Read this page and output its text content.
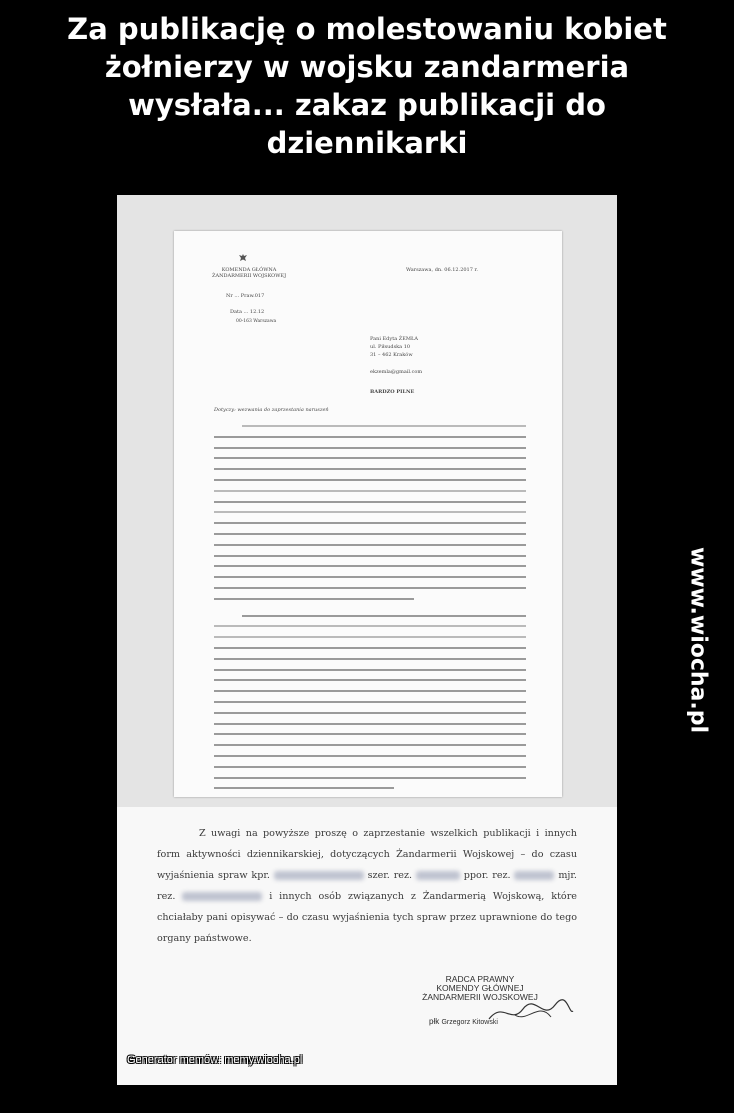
Za publikację o molestowaniu kobiet
żołnierzy w wojsku zandarmeria
wysłała... zakaz publikacji do
dziennikarki
KOMENDA GŁÓWNA
ŻANDARMERII WOJSKOWEJ
Nr ... Praw.017
Data ... 12.12
00-163 Warszawa
Warszawa, dn. 06.12.2017 r.
Pani Edyta ŻEMŁA
ul. Piłsudska 10
31 – 462 Kraków
ekzemla@gmail.com
BARDZO PILNE
Dotyczy: wezwania do zaprzestania naruszeń
Z uwagi na powyższe proszę o zaprzestanie wszelkich publikacji i innych form aktywności dziennikarskiej, dotyczących Żandarmerii Wojskowej – do czasu wyjaśnienia spraw kpr.	szer. rez.	ppor. rez.	mjr. rez.	i innych osób związanych z Żandarmerią Wojskową, które chciałaby pani opisywać – do czasu wyjaśnienia tych spraw przez uprawnione do tego organy państwowe.
RADCA PRAWNY
KOMENDY GŁÓWNEJ
ŻANDARMERII WOJSKOWEJ
płk Grzegorz Kitowski
www.wiocha.pl
Generator memów: memy.wiocha.pl
